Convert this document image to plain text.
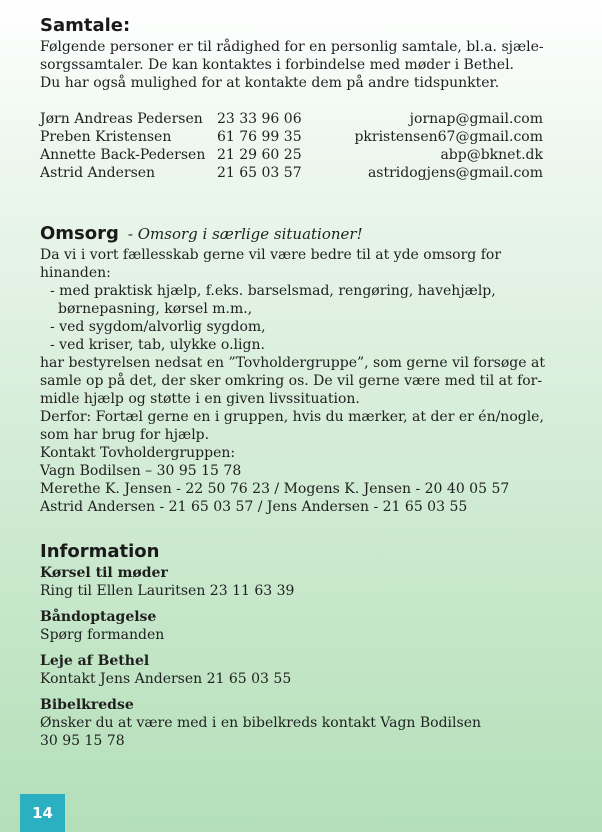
Samtale:
Følgende personer er til rådighed for en personlig samtale, bl.a. sjæle-
sorgssamtaler. De kan kontaktes i forbindelse med møder i Bethel.
Du har også mulighed for at kontakte dem på andre tidspunkter.
Jørn Andreas Pedersen	23 33 96 06	jornap@gmail.com
Preben Kristensen	61 76 99 35	pkristensen67@gmail.com
Annette Back-Pedersen 21 29 60 25	abp@bknet.dk
Astrid Andersen	21 65 03 57	astridogjens@gmail.com
Omsorg - Omsorg i særlige situationer!
Da vi i vort fællesskab gerne vil være bedre til at yde omsorg for hinanden:
- med praktisk hjælp, f.eks. barselsmad, rengøring, havehjælp,
børnepasning, kørsel m.m.,
- ved sygdom/alvorlig sygdom,
- ved kriser, tab, ulykke o.lign.
har bestyrelsen nedsat en ”Tovholdergruppe”, som gerne vil forsøge at
samle op på det, der sker omkring os. De vil gerne være med til at for-
midle hjælp og støtte i en given livssituation.
Derfor: Fortæl gerne en i gruppen, hvis du mærker, at der er én/nogle,
som har brug for hjælp.
Kontakt Tovholdergruppen:
Vagn Bodilsen – 30 95 15 78
Merethe K. Jensen - 22 50 76 23 / Mogens K. Jensen - 20 40 05 57
Astrid Andersen - 21 65 03 57 / Jens Andersen - 21 65 03 55
Information
Kørsel til møder
Ring til Ellen Lauritsen 23 11 63 39
Båndoptagelse
Spørg formanden
Leje af Bethel
Kontakt Jens Andersen 21 65 03 55
Bibelkredse
Ønsker du at være med i en bibelkreds kontakt Vagn Bodilsen
30 95 15 78
14
